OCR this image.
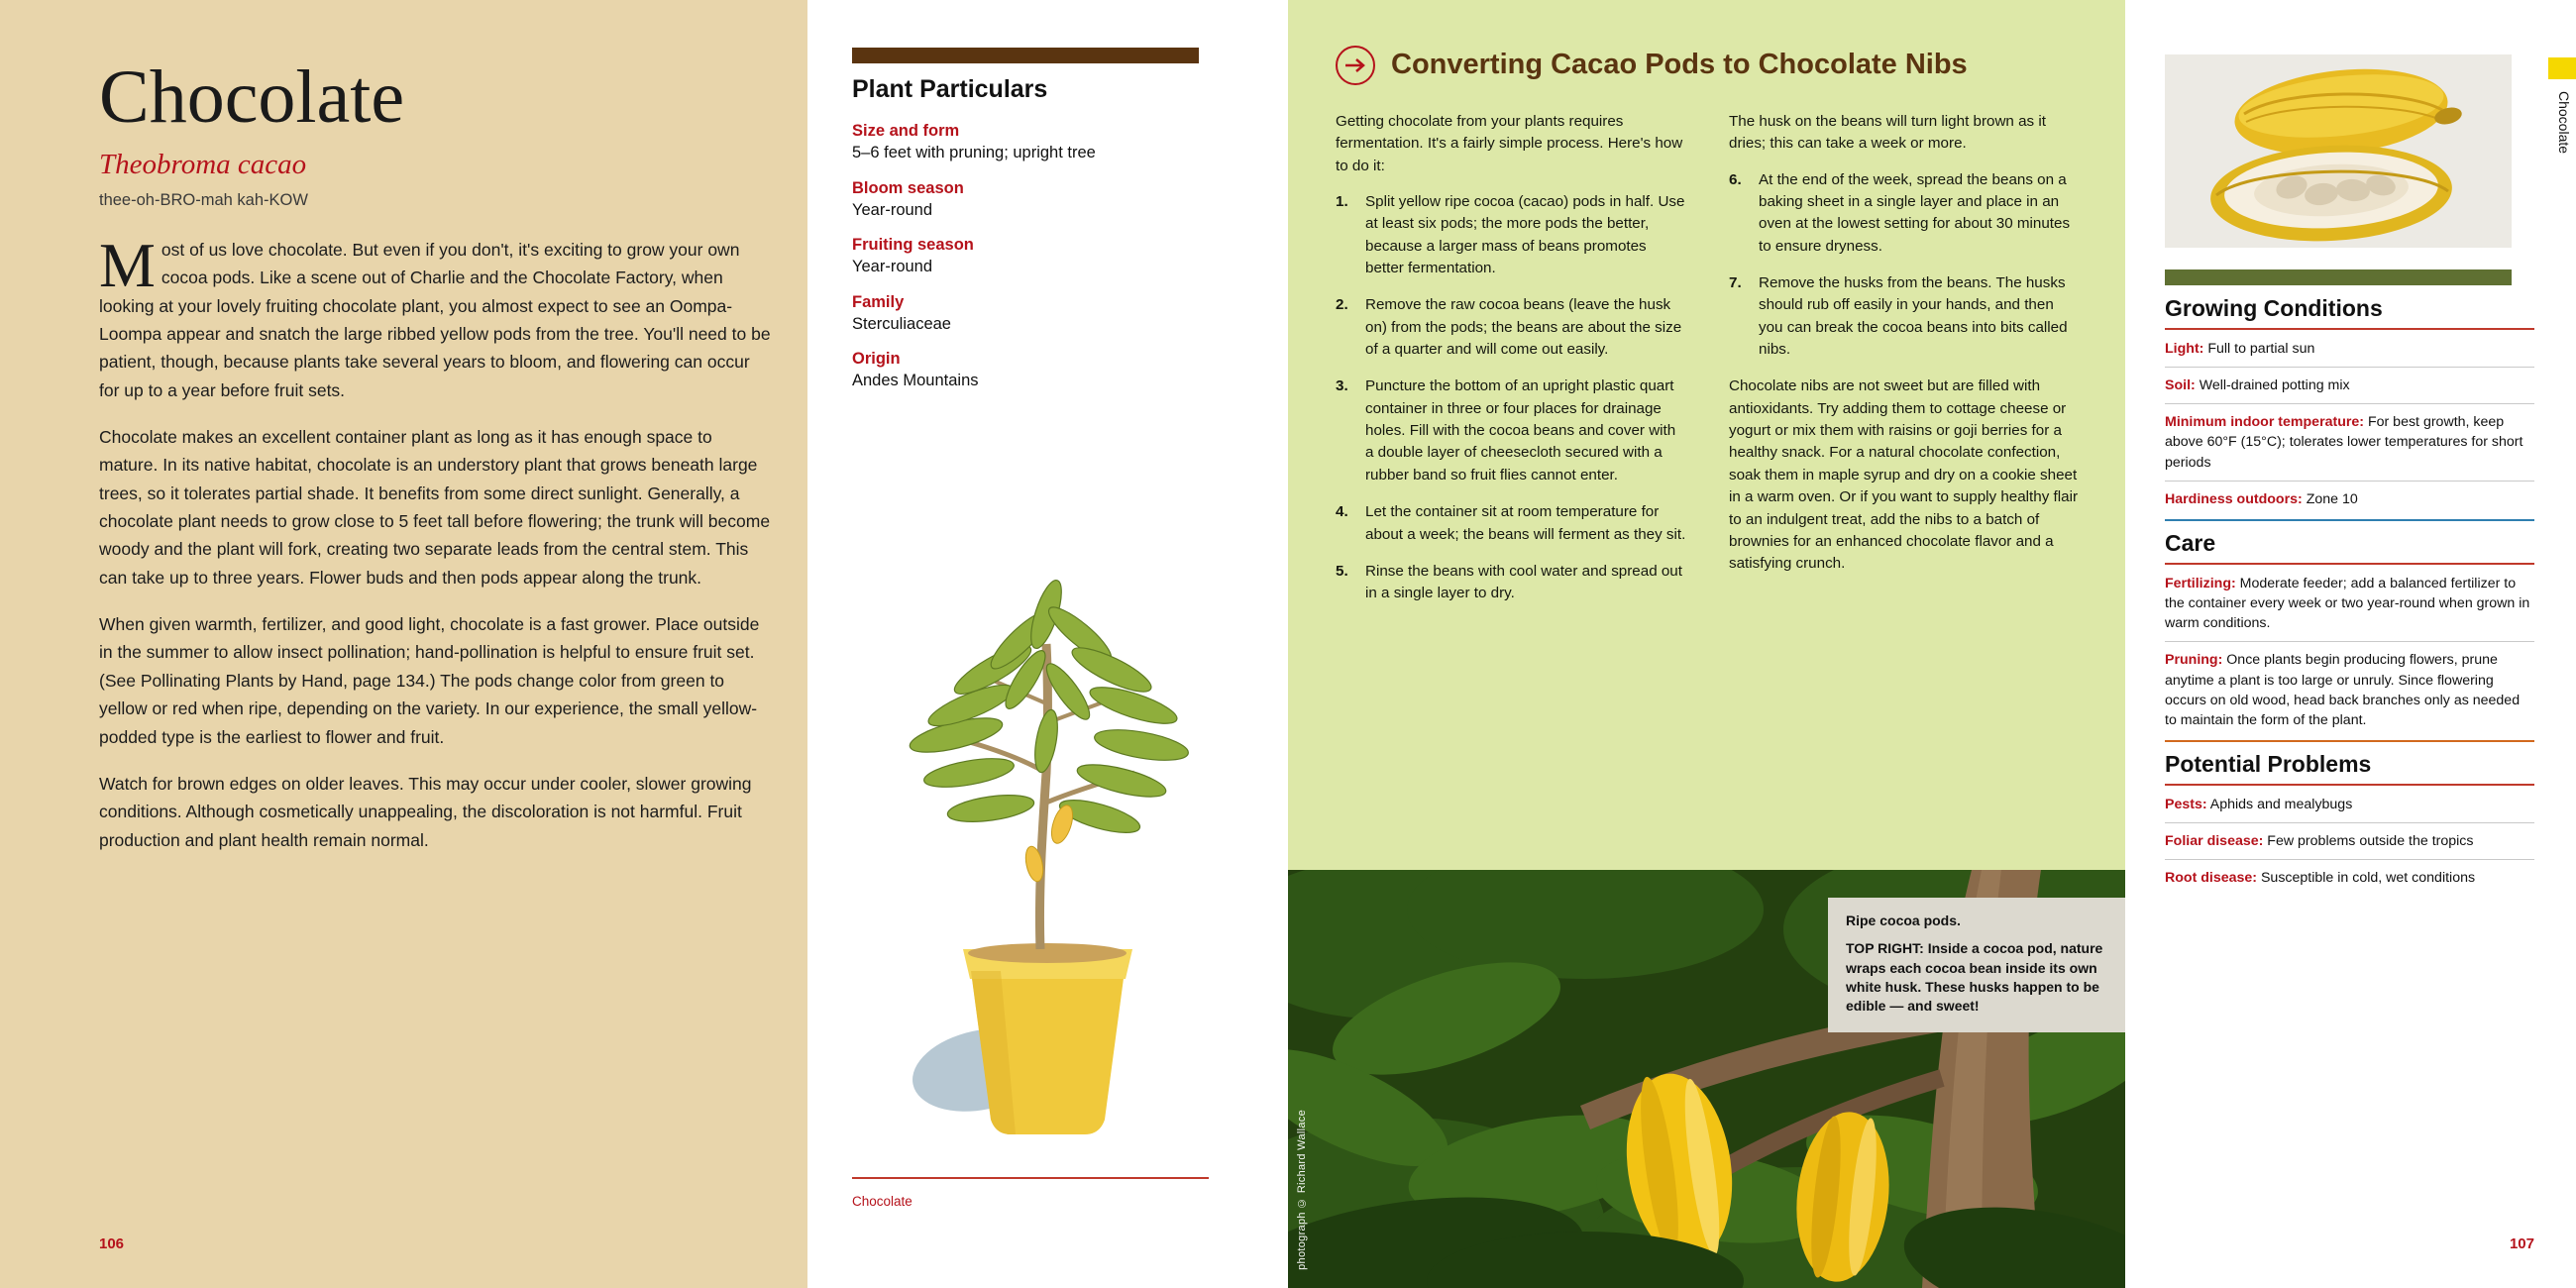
Chocolate
Theobroma cacao
thee-oh-BRO-mah kah-KOW

Most of us love chocolate. But even if you don't, it's exciting to grow your own cocoa pods. Like a scene out of Charlie and the Chocolate Factory, when looking at your lovely fruiting chocolate plant, you almost expect to see an Oompa-Loompa appear and snatch the large ribbed yellow pods from the tree. You'll need to be patient, though, because plants take several years to bloom, and flowering can occur for up to a year before fruit sets.

Chocolate makes an excellent container plant as long as it has enough space to mature. In its native habitat, chocolate is an understory plant that grows beneath large trees, so it tolerates partial shade. It benefits from some direct sunlight. Generally, a chocolate plant needs to grow close to 5 feet tall before flowering; the trunk will become woody and the plant will fork, creating two separate leads from the central stem. This can take up to three years. Flower buds and then pods appear along the trunk.

When given warmth, fertilizer, and good light, chocolate is a fast grower. Place outside in the summer to allow insect pollination; hand-pollination is helpful to ensure fruit set. (See Pollinating Plants by Hand, page 134.) The pods change color from green to yellow or red when ripe, depending on the variety. In our experience, the small yellow-podded type is the earliest to flower and fruit.

Watch for brown edges on older leaves. This may occur under cooler, slower growing conditions. Although cosmetically unappealing, the discoloration is not harmful. Fruit production and plant health remain normal.

106
Plant Particulars
Size and form
5–6 feet with pruning; upright tree
Bloom season
Year-round
Fruiting season
Year-round
Family
Sterculiaceae
Origin
Andes Mountains
Chocolate
Converting Cacao Pods to Chocolate Nibs

Getting chocolate from your plants requires fermentation. It's a fairly simple process. Here's how to do it:

1. Split yellow ripe cocoa (cacao) pods in half. Use at least six pods; the more pods the better, because a larger mass of beans promotes better fermentation.
2. Remove the raw cocoa beans (leave the husk on) from the pods; the beans are about the size of a quarter and will come out easily.
3. Puncture the bottom of an upright plastic quart container in three or four places for drainage holes. Fill with the cocoa beans and cover with a double layer of cheesecloth secured with a rubber band so fruit flies cannot enter.
4. Let the container sit at room temperature for about a week; the beans will ferment as they sit.
5. Rinse the beans with cool water and spread out in a single layer to dry.

The husk on the beans will turn light brown as it dries; this can take a week or more.

6. At the end of the week, spread the beans on a baking sheet in a single layer and place in an oven at the lowest setting for about 30 minutes to ensure dryness.
7. Remove the husks from the beans. The husks should rub off easily in your hands, and then you can break the cocoa beans into bits called nibs.

Chocolate nibs are not sweet but are filled with antioxidants. Try adding them to cottage cheese or yogurt or mix them with raisins or goji berries for a healthy snack. For a natural chocolate confection, soak them in maple syrup and dry on a cookie sheet in a warm oven. Or if you want to supply healthy flair to an indulgent treat, add the nibs to a batch of brownies for an enhanced chocolate flavor and a satisfying crunch.

photograph © Richard Wallace
Ripe cocoa pods.
TOP RIGHT: Inside a cocoa pod, nature wraps each cocoa bean inside its own white husk. These husks happen to be edible — and sweet!
Growing Conditions
Light: Full to partial sun
Soil: Well-drained potting mix
Minimum indoor temperature: For best growth, keep above 60°F (15°C); tolerates lower temperatures for short periods
Hardiness outdoors: Zone 10
Care
Fertilizing: Moderate feeder; add a balanced fertilizer to the container every week or two year-round when grown in warm conditions.
Pruning: Once plants begin producing flowers, prune anytime a plant is too large or unruly. Since flowering occurs on old wood, head back branches only as needed to maintain the form of the plant.
Potential Problems
Pests: Aphids and mealybugs
Foliar disease: Few problems outside the tropics
Root disease: Susceptible in cold, wet conditions
107
Chocolate
